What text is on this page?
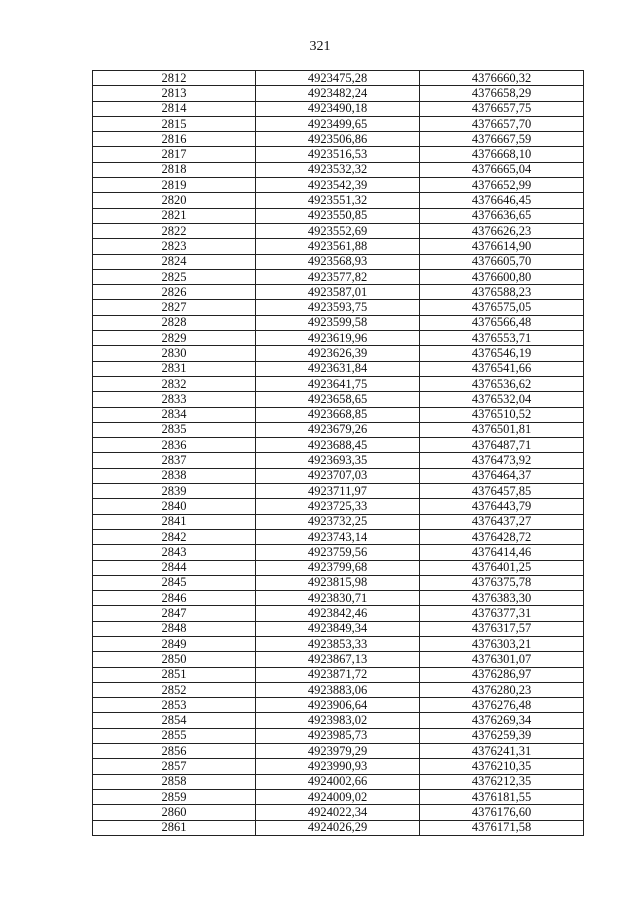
321
2812	4923475,28	4376660,32
2813	4923482,24	4376658,29
2814	4923490,18	4376657,75
2815	4923499,65	4376657,70
2816	4923506,86	4376667,59
2817	4923516,53	4376668,10
2818	4923532,32	4376665,04
2819	4923542,39	4376652,99
2820	4923551,32	4376646,45
2821	4923550,85	4376636,65
2822	4923552,69	4376626,23
2823	4923561,88	4376614,90
2824	4923568,93	4376605,70
2825	4923577,82	4376600,80
2826	4923587,01	4376588,23
2827	4923593,75	4376575,05
2828	4923599,58	4376566,48
2829	4923619,96	4376553,71
2830	4923626,39	4376546,19
2831	4923631,84	4376541,66
2832	4923641,75	4376536,62
2833	4923658,65	4376532,04
2834	4923668,85	4376510,52
2835	4923679,26	4376501,81
2836	4923688,45	4376487,71
2837	4923693,35	4376473,92
2838	4923707,03	4376464,37
2839	4923711,97	4376457,85
2840	4923725,33	4376443,79
2841	4923732,25	4376437,27
2842	4923743,14	4376428,72
2843	4923759,56	4376414,46
2844	4923799,68	4376401,25
2845	4923815,98	4376375,78
2846	4923830,71	4376383,30
2847	4923842,46	4376377,31
2848	4923849,34	4376317,57
2849	4923853,33	4376303,21
2850	4923867,13	4376301,07
2851	4923871,72	4376286,97
2852	4923883,06	4376280,23
2853	4923906,64	4376276,48
2854	4923983,02	4376269,34
2855	4923985,73	4376259,39
2856	4923979,29	4376241,31
2857	4923990,93	4376210,35
2858	4924002,66	4376212,35
2859	4924009,02	4376181,55
2860	4924022,34	4376176,60
2861	4924026,29	4376171,58
